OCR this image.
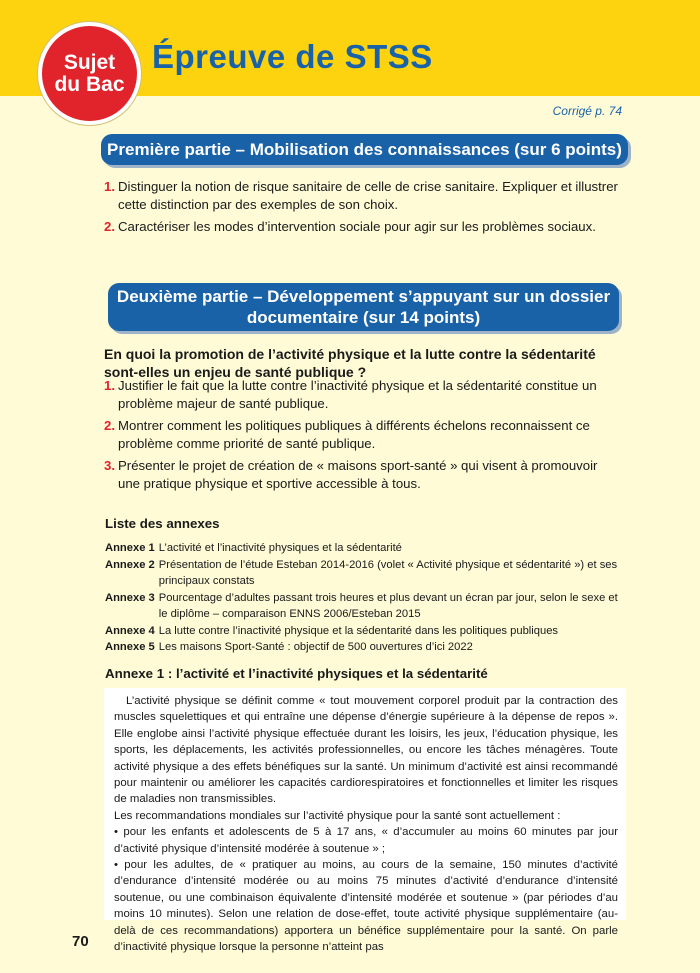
Sujet
du Bac
Épreuve de STSS
Corrigé p. 74
Première partie – Mobilisation des connaissances (sur 6 points)
1. Distinguer la notion de risque sanitaire de celle de crise sanitaire. Expliquer et illustrer cette distinction par des exemples de son choix.
2. Caractériser les modes d’intervention sociale pour agir sur les problèmes sociaux.
Deuxième partie – Développement s’appuyant sur un dossier documentaire (sur 14 points)

En quoi la promotion de l’activité physique et la lutte contre la sédentarité sont-elles un enjeu de santé publique ?

1. Justifier le fait que la lutte contre l’inactivité physique et la sédentarité constitue un problème majeur de santé publique.
2. Montrer comment les politiques publiques à différents échelons reconnaissent ce problème comme priorité de santé publique.
3. Présenter le projet de création de « maisons sport-santé » qui visent à promouvoir une pratique physique et sportive accessible à tous.
Liste des annexes
Annexe 1 L’activité et l’inactivité physiques et la sédentarité
Annexe 2 Présentation de l’étude Esteban 2014-2016 (volet « Activité physique et sédentarité ») et ses principaux constats
Annexe 3 Pourcentage d’adultes passant trois heures et plus devant un écran par jour, selon le sexe et le diplôme – comparaison ENNS 2006/Esteban 2015
Annexe 4 La lutte contre l’inactivité physique et la sédentarité dans les politiques publiques
Annexe 5 Les maisons Sport-Santé : objectif de 500 ouvertures d’ici 2022
Annexe 1 : l’activité et l’inactivité physiques et la sédentarité

L’activité physique se définit comme « tout mouvement corporel produit par la contraction des muscles squelettiques et qui entraîne une dépense d’énergie supérieure à la dépense de repos ». Elle englobe ainsi l’activité physique effectuée durant les loisirs, les jeux, l’éducation physique, les sports, les déplacements, les activités professionnelles, ou encore les tâches ménagères. Toute activité physique a des effets bénéfiques sur la santé. Un minimum d’activité est ainsi recommandé pour maintenir ou améliorer les capacités cardiorespiratoires et fonctionnelles et limiter les risques de maladies non transmissibles.

Les recommandations mondiales sur l’activité physique pour la santé sont actuellement :

• pour les enfants et adolescents de 5 à 17 ans, « d’accumuler au moins 60 minutes par jour d’activité physique d’intensité modérée à soutenue » ;

• pour les adultes, de « pratiquer au moins, au cours de la semaine, 150 minutes d’activité d’endurance d’intensité modérée ou au moins 75 minutes d’activité d’endurance d’intensité soutenue, ou une combinaison équivalente d’intensité modérée et soutenue » (par périodes d’au moins 10 minutes). Selon une relation de dose-effet, toute activité physique supplémentaire (au-delà de ces recommandations) apportera un bénéfice supplémentaire pour la santé. On parle d’inactivité physique lorsque la personne n’atteint pas

70
